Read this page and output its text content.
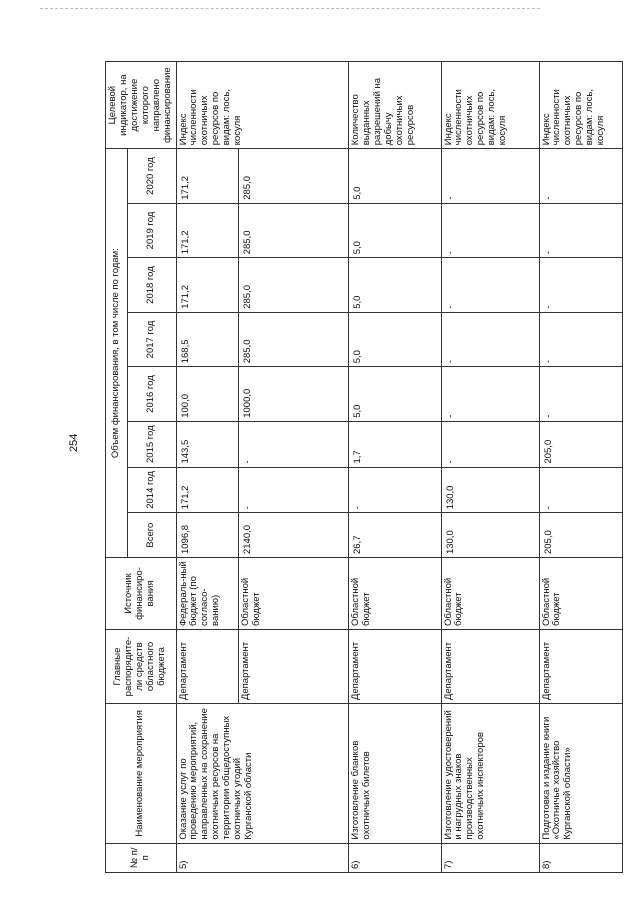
254
№ п/п	Наименование мероприятия	Главные распорядите-ли средств областного бюджета	Источник финансиро-вания	Объем финансирования, в том числе по годам:								Целевой индикатор, на достижение которого направлено финансирование
				Всего	2014 год	2015 год	2016 год	2017 год	2018 год	2019 год	2020 год	
5)	Оказание услуг по проведению мероприятий, направленных на сохранение охотничьих ресурсов на территории общедоступных охотничьих угодий Курганской области	Департамент	Федераль-ный бюджет (по согласо-ванию)	1096,8	171,2	143,5	100,0	168,5	171,2	171,2	171,2	Индекс численности охотничьих ресурсов по видам: лось, косуля
		Департамент	Областной бюджет	2140,0	-	-	1000,0	285,0	285,0	285,0	285,0	
6)	Изготовление бланков охотничьих билетов	Департамент	Областной бюджет	26,7	-	1,7	5,0	5,0	5,0	5,0	5,0	Количество выданных разрешений на добычу охотничьих ресурсов
7)	Изготовление удостоверений и нагрудных знаков производственных охотничьих инспекторов	Департамент	Областной бюджет	130,0	130,0	-	-	-	-	-	-	Индекс численности охотничьих ресурсов по видам: лось, косуля
8)	Подготовка и издание книги «Охотничье хозяйство Курганской области»	Департамент	Областной бюджет	205,0	-	205,0	-	-	-	-	-	Индекс численности охотничьих ресурсов по видам: лось, косуля
